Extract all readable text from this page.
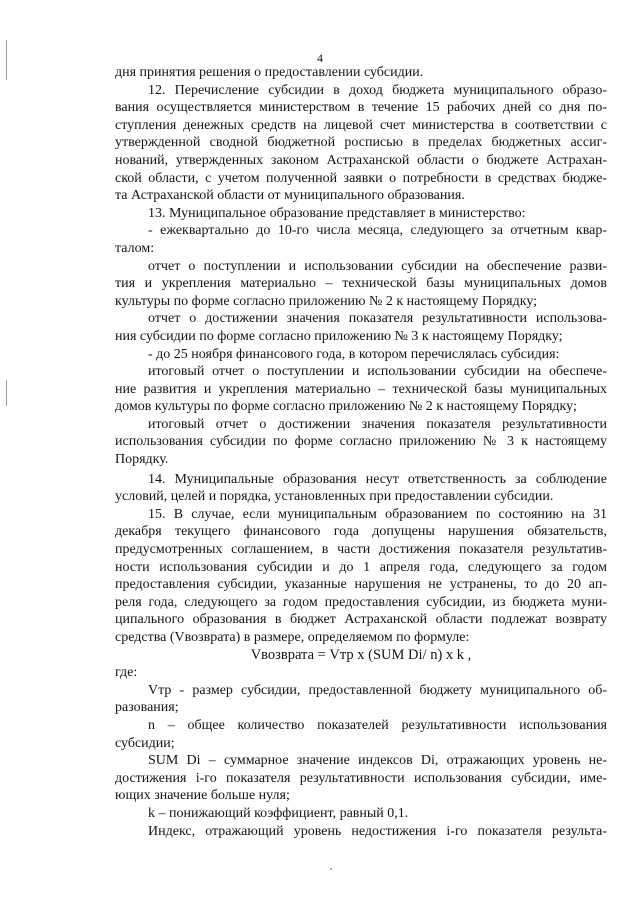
4
дня принятия решения о предоставлении субсидии.
12. Перечисление субсидии в доход бюджета муниципального образо-
вания осуществляется министерством в течение 15 рабочих дней со дня по-
ступления денежных средств на лицевой счет министерства в соответствии с
утвержденной сводной бюджетной росписью в пределах бюджетных ассиг-
нований, утвержденных законом Астраханской области о бюджете Астрахан-
ской области, с учетом полученной заявки о потребности в средствах бюдже-
та Астраханской области от муниципального образования.
13. Муниципальное образование представляет в министерство:
- ежеквартально до 10-го числа месяца, следующего за отчетным квар-
талом:
отчет о поступлении и использовании субсидии на обеспечение разви-
тия и укрепления материально – технической базы муниципальных домов
культуры по форме согласно приложению № 2 к настоящему Порядку;
отчет о достижении значения показателя результативности использова-
ния субсидии по форме согласно приложению № 3 к настоящему Порядку;
- до 25 ноября финансового года, в котором перечислялась субсидия:
итоговый отчет о поступлении и использовании субсидии на обеспече-
ние развития и укрепления материально – технической базы муниципальных
домов культуры по форме согласно приложению № 2 к настоящему Порядку;
итоговый отчет о достижении значения показателя результативности
использования субсидии по форме согласно приложению № 3 к настоящему
Порядку.
14. Муниципальные образования несут ответственность за соблюдение
условий, целей и порядка, установленных при предоставлении субсидии.
15. В случае, если муниципальным образованием по состоянию на 31
декабря текущего финансового года допущены нарушения обязательств,
предусмотренных соглашением, в части достижения показателя результатив-
ности использования субсидии и до 1 апреля года, следующего за годом
предоставления субсидии, указанные нарушения не устранены, то до 20 ап-
реля года, следующего за годом предоставления субсидии, из бюджета муни-
ципального образования в бюджет Астраханской области подлежат возврату
средства (Vвозврата) в размере, определяемом по формуле:
Vвозврата = Vтр x (SUM Di/ n) x k ,
где:
Vтр - размер субсидии, предоставленной бюджету муниципального об-
разования;
n – общее количество показателей результативности использования
субсидии;
SUM Di – суммарное значение индексов Di, отражающих уровень не-
достижения i-го показателя результативности использования субсидии, име-
ющих значение больше нуля;
k – понижающий коэффициент, равный 0,1.
Индекс, отражающий уровень недостижения i-го показателя результа-
